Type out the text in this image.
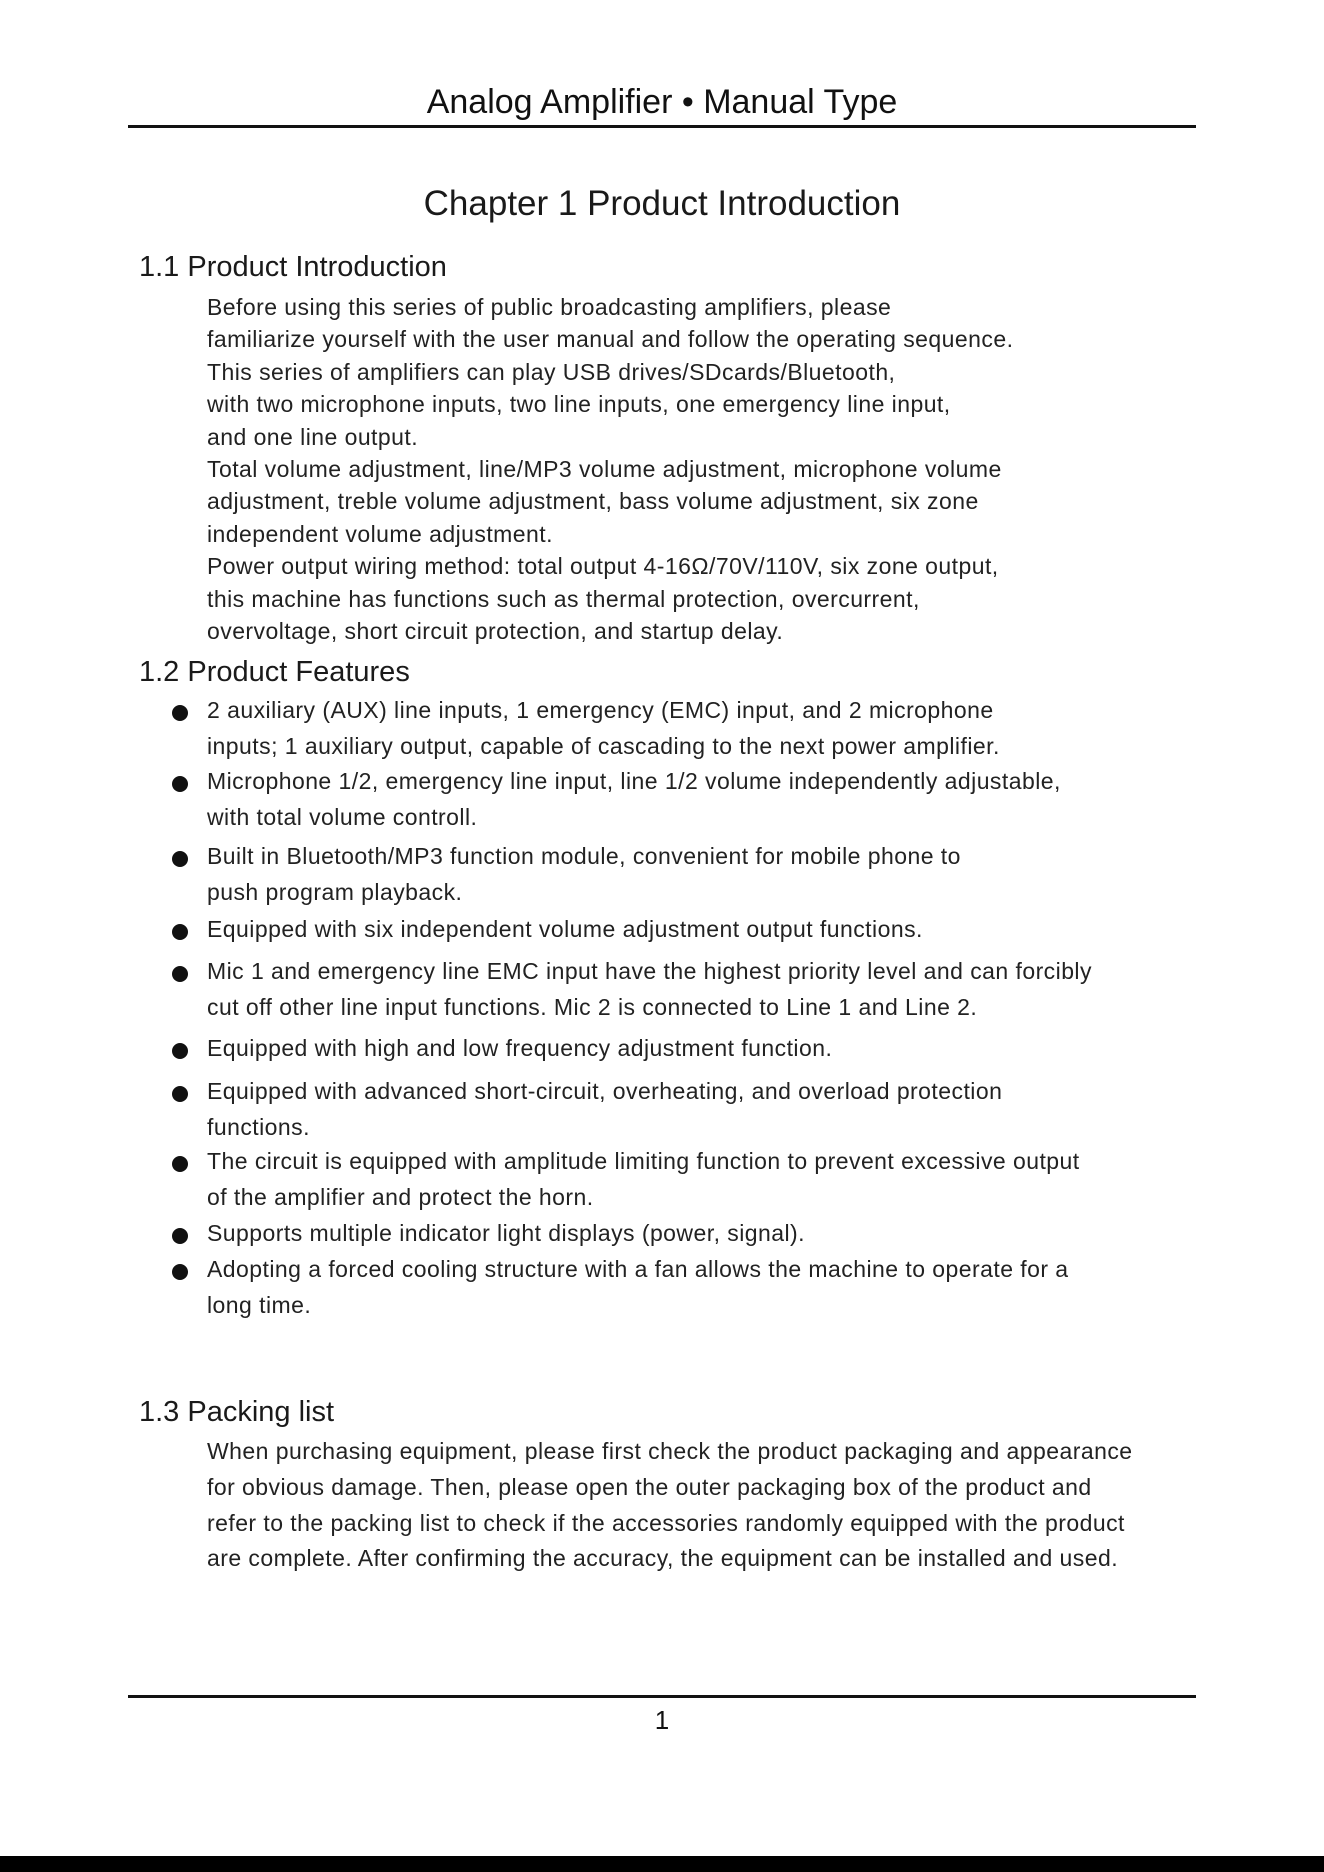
Analog Amplifier • Manual Type
Chapter 1 Product Introduction
1.1 Product Introduction
Before using this series of public broadcasting amplifiers, please
familiarize yourself with the user manual and follow the operating sequence.
This series of amplifiers can play USB drives/SDcards/Bluetooth,
with two microphone inputs, two line inputs, one emergency line input,
and one line output.
Total volume adjustment, line/MP3 volume adjustment, microphone volume
adjustment, treble volume adjustment, bass volume adjustment, six zone
independent volume adjustment.
Power output wiring method: total output 4-16Ω/70V/110V, six zone output,
this machine has functions such as thermal protection, overcurrent,
overvoltage, short circuit protection, and startup delay.
1.2 Product Features
2 auxiliary (AUX) line inputs, 1 emergency (EMC) input, and 2 microphone
inputs; 1 auxiliary output, capable of cascading to the next power amplifier.
Microphone 1/2, emergency line input, line 1/2 volume independently adjustable,
with total volume controll.
Built in Bluetooth/MP3 function module, convenient for mobile phone to
push program playback.
Equipped with six independent volume adjustment output functions.
Mic 1 and emergency line EMC input have the highest priority level and can forcibly
cut off other line input functions. Mic 2 is connected to Line 1 and Line 2.
Equipped with high and low frequency adjustment function.
Equipped with advanced short-circuit, overheating, and overload protection
functions.
The circuit is equipped with amplitude limiting function to prevent excessive output
of the amplifier and protect the horn.
Supports multiple indicator light displays (power, signal).
Adopting a forced cooling structure with a fan allows the machine to operate for a
long time.
1.3 Packing list
When purchasing equipment, please first check the product packaging and appearance
for obvious damage. Then, please open the outer packaging box of the product and
refer to the packing list to check if the accessories randomly equipped with the product
are complete. After confirming the accuracy, the equipment can be installed and used.
1
